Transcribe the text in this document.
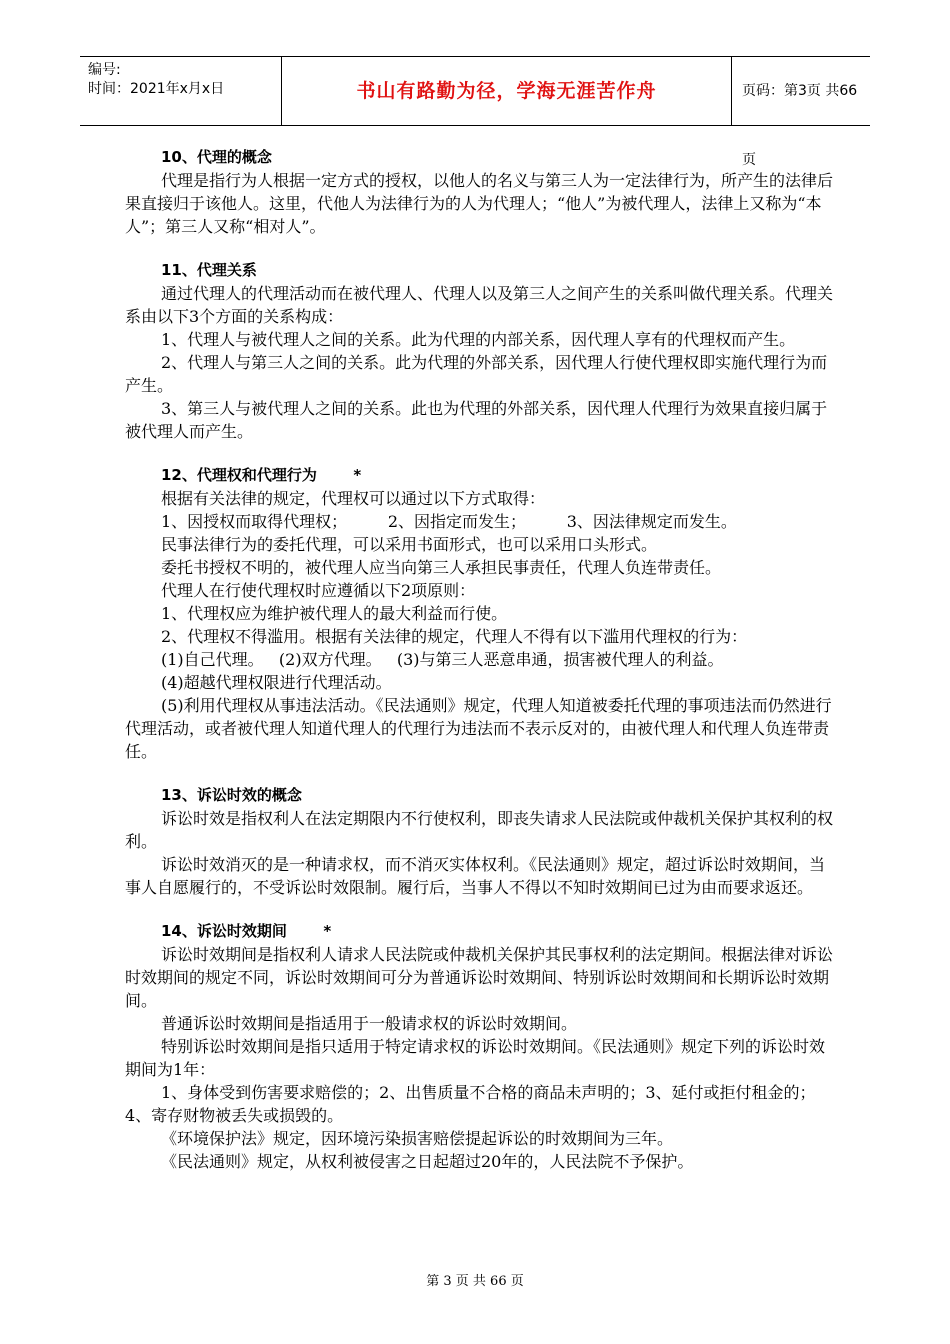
编号:
时间：2021年x月x日	书山有路勤为径，学海无涯苦作舟	页码：第3页 共66页
10、代理的概念

代理是指行为人根据一定方式的授权，以他人的名义与第三人为一定法律行为，所产生的法律后果直接归于该他人。这里，代他人为法律行为的人为代理人；“他人”为被代理人，法律上又称为“本人”；第三人又称“相对人”。

11、代理关系

通过代理人的代理活动而在被代理人、代理人以及第三人之间产生的关系叫做代理关系。代理关系由以下3个方面的关系构成：

1、代理人与被代理人之间的关系。此为代理的内部关系，因代理人享有的代理权而产生。

2、代理人与第三人之间的关系。此为代理的外部关系，因代理人行使代理权即实施代理行为而产生。

3、第三人与被代理人之间的关系。此也为代理的外部关系，因代理人代理行为效果直接归属于被代理人而产生。

12、代理权和代理行为       *

根据有关法律的规定，代理权可以通过以下方式取得：

1、因授权而取得代理权；        2、因指定而发生；        3、因法律规定而发生。

民事法律行为的委托代理，可以采用书面形式，也可以采用口头形式。

委托书授权不明的，被代理人应当向第三人承担民事责任，代理人负连带责任。

代理人在行使代理权时应遵循以下2项原则：

1、代理权应为维护被代理人的最大利益而行使。

2、代理权不得滥用。根据有关法律的规定，代理人不得有以下滥用代理权的行为：

(1)自己代理。   (2)双方代理。   (3)与第三人恶意串通，损害被代理人的利益。

(4)超越代理权限进行代理活动。

(5)利用代理权从事违法活动。《民法通则》规定，代理人知道被委托代理的事项违法而仍然进行代理活动，或者被代理人知道代理人的代理行为违法而不表示反对的，由被代理人和代理人负连带责任。

13、诉讼时效的概念

诉讼时效是指权利人在法定期限内不行使权利，即丧失请求人民法院或仲裁机关保护其权利的权利。

诉讼时效消灭的是一种请求权，而不消灭实体权利。《民法通则》规定，超过诉讼时效期间，当事人自愿履行的，不受诉讼时效限制。履行后，当事人不得以不知时效期间已过为由而要求返还。

14、诉讼时效期间       *

诉讼时效期间是指权利人请求人民法院或仲裁机关保护其民事权利的法定期间。根据法律对诉讼时效期间的规定不同，诉讼时效期间可分为普通诉讼时效期间、特别诉讼时效期间和长期诉讼时效期间。

普通诉讼时效期间是指适用于一般请求权的诉讼时效期间。

特别诉讼时效期间是指只适用于特定请求权的诉讼时效期间。《民法通则》规定下列的诉讼时效期间为1年：

1、身体受到伤害要求赔偿的；2、出售质量不合格的商品未声明的；3、延付或拒付租金的；4、寄存财物被丢失或损毁的。

《环境保护法》规定，因环境污染损害赔偿提起诉讼的时效期间为三年。

《民法通则》规定，从权利被侵害之日起超过20年的，人民法院不予保护。

第 3 页 共 66 页
